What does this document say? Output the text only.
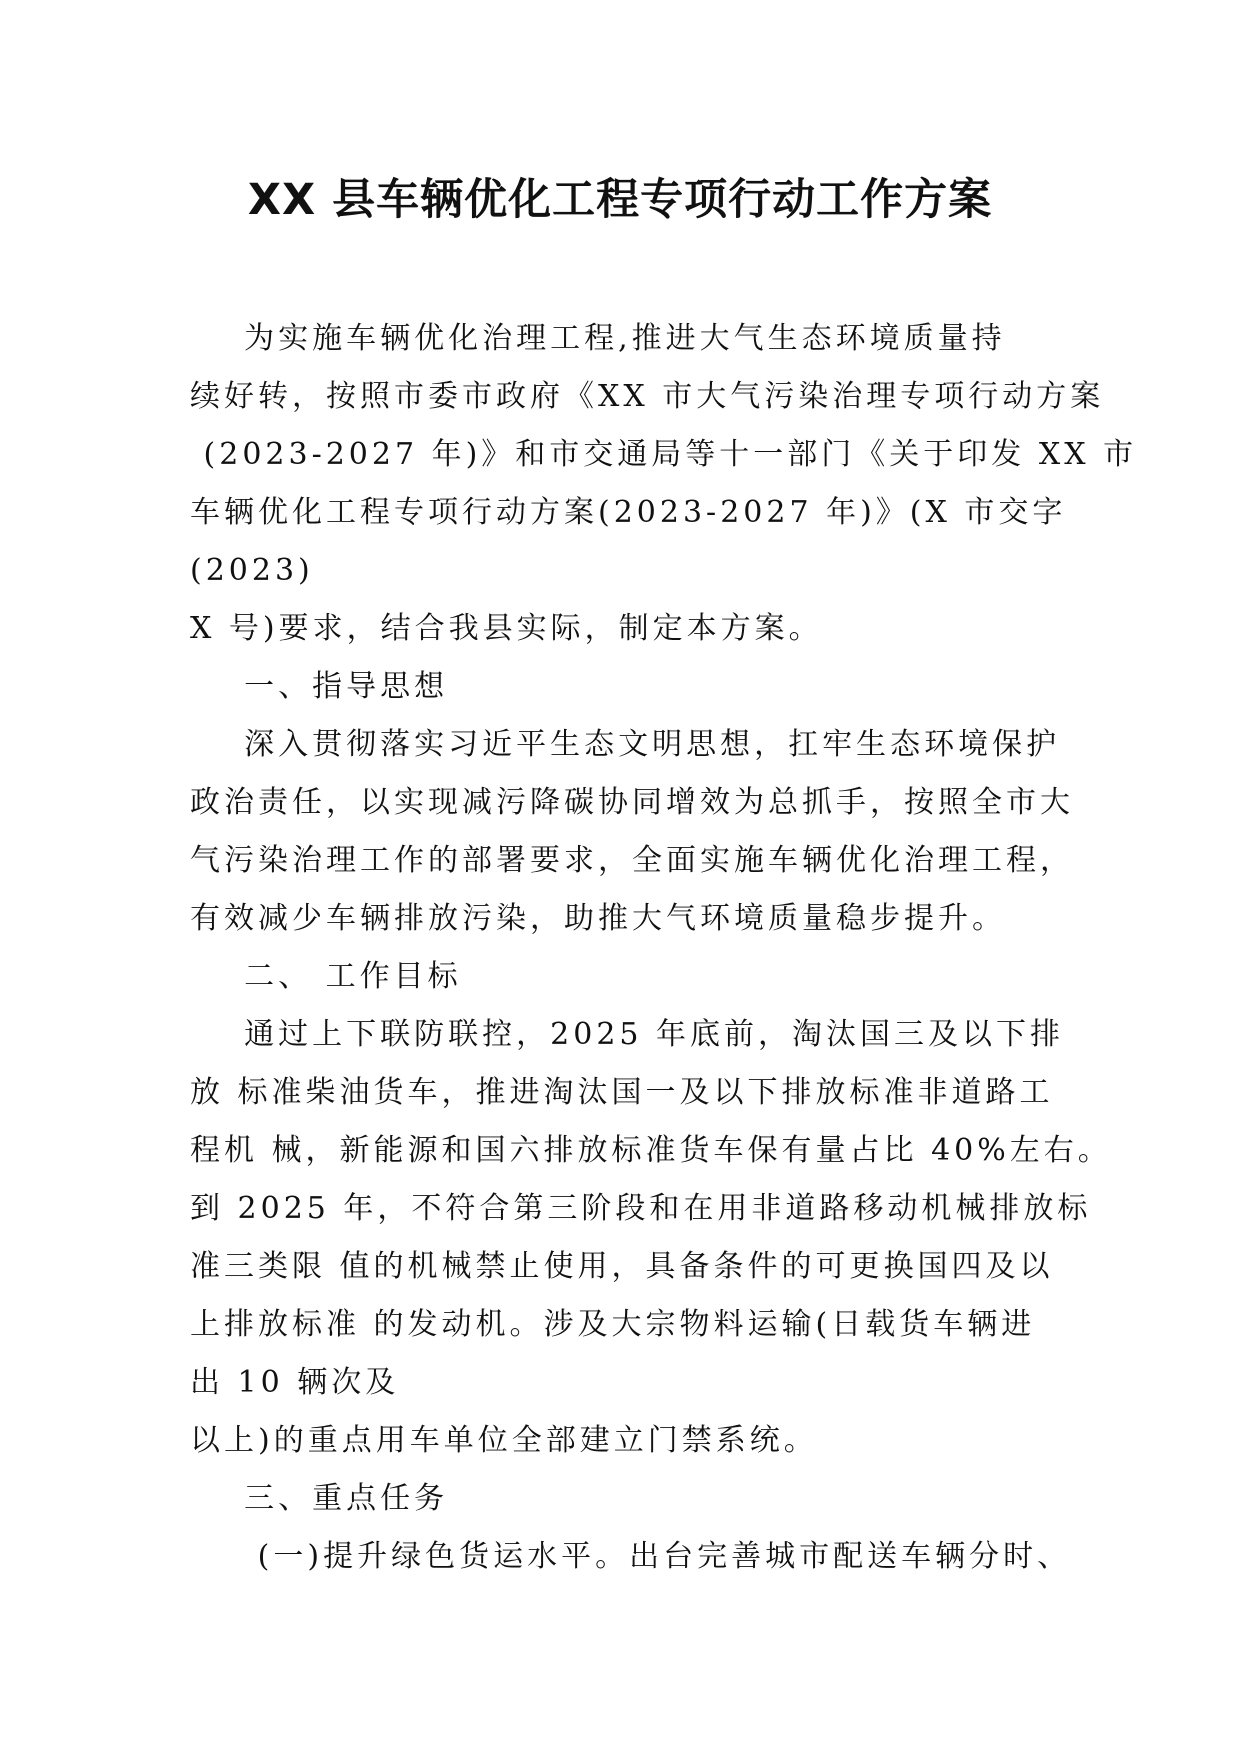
XX 县车辆优化工程专项行动工作方案

为实施车辆优化治理工程,推进大气生态环境质量持

续好转，按照市委市政府《XX 市大气污染治理专项行动方案

(2023-2027 年)》和市交通局等十一部门《关于印发 XX 市

车辆优化工程专项行动方案(2023-2027 年)》(X 市交字

(2023)

X 号)要求，结合我县实际，制定本方案。

一、指导思想

深入贯彻落实习近平生态文明思想，扛牢生态环境保护

政治责任，以实现减污降碳协同增效为总抓手，按照全市大

气污染治理工作的部署要求，全面实施车辆优化治理工程，

有效减少车辆排放污染，助推大气环境质量稳步提升。

二、 工作目标

通过上下联防联控，2025 年底前，淘汰国三及以下排

放 标准柴油货车，推进淘汰国一及以下排放标准非道路工

程机 械，新能源和国六排放标准货车保有量占比 40%左右。

到 2025 年，不符合第三阶段和在用非道路移动机械排放标

准三类限 值的机械禁止使用，具备条件的可更换国四及以

上排放标准 的发动机。涉及大宗物料运输(日载货车辆进

出 10 辆次及

以上)的重点用车单位全部建立门禁系统。

三、重点任务

(一)提升绿色货运水平。出台完善城市配送车辆分时、
